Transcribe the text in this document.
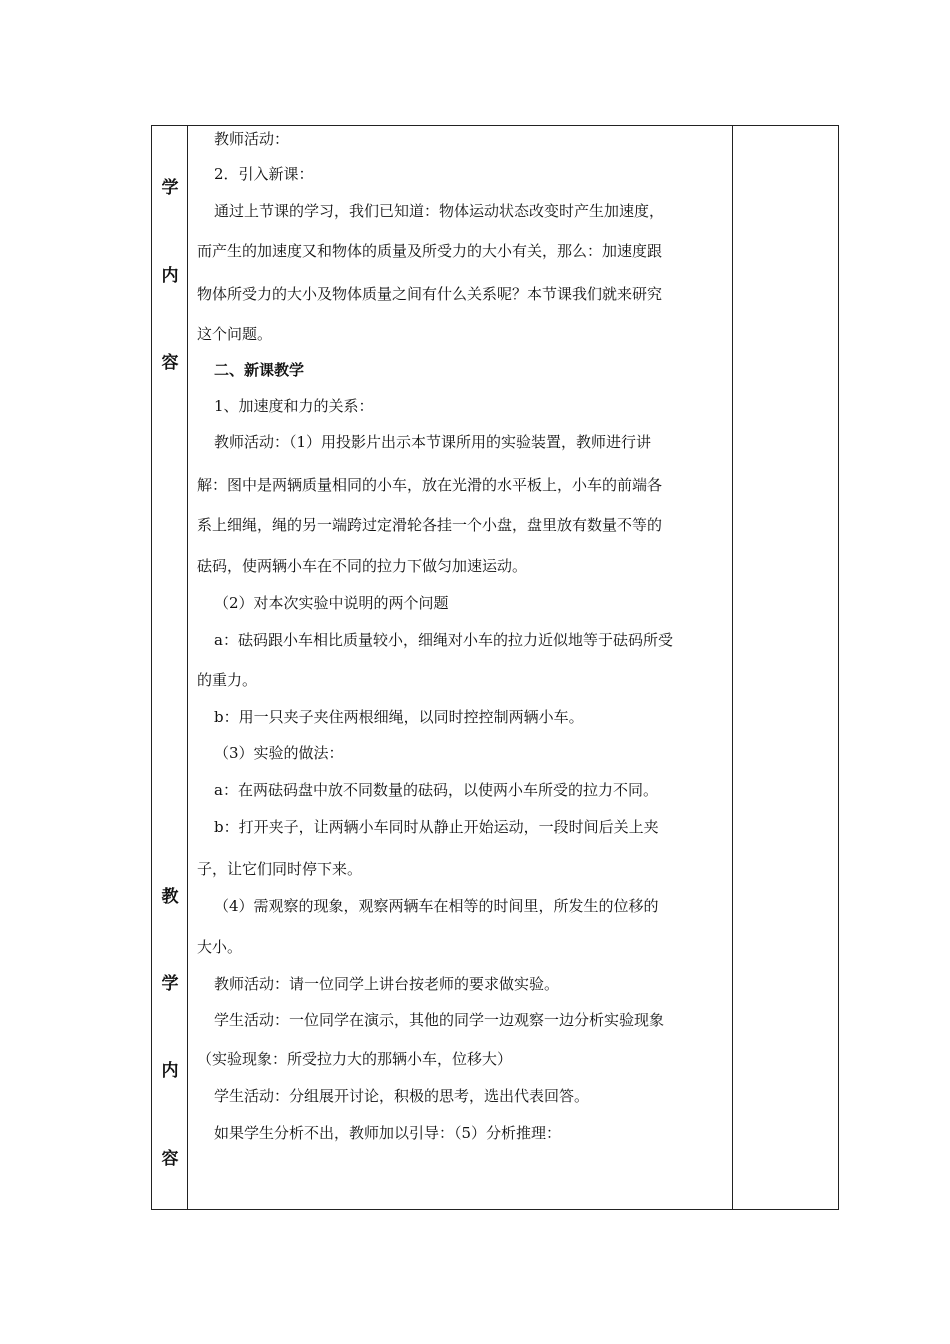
学
内
容
教
学
内
容
教师活动：
2．引入新课：
通过上节课的学习，我们已知道：物体运动状态改变时产生加速度，
而产生的加速度又和物体的质量及所受力的大小有关，那么：加速度跟
物体所受力的大小及物体质量之间有什么关系呢？本节课我们就来研究
这个问题。
二、新课教学
1、加速度和力的关系：
教师活动：（1）用投影片出示本节课所用的实验装置，教师进行讲
解：图中是两辆质量相同的小车，放在光滑的水平板上，小车的前端各
系上细绳，绳的另一端跨过定滑轮各挂一个小盘，盘里放有数量不等的
砝码，使两辆小车在不同的拉力下做匀加速运动。
（2）对本次实验中说明的两个问题
a：砝码跟小车相比质量较小，细绳对小车的拉力近似地等于砝码所受
的重力。
b：用一只夹子夹住两根细绳，以同时控控制两辆小车。
（3）实验的做法：
a：在两砝码盘中放不同数量的砝码，以使两小车所受的拉力不同。
b：打开夹子，让两辆小车同时从静止开始运动，一段时间后关上夹
子，让它们同时停下来。
（4）需观察的现象，观察两辆车在相等的时间里，所发生的位移的
大小。
教师活动：请一位同学上讲台按老师的要求做实验。
学生活动：一位同学在演示，其他的同学一边观察一边分析实验现象
（实验现象：所受拉力大的那辆小车，位移大）
学生活动：分组展开讨论，积极的思考，选出代表回答。
如果学生分析不出，教师加以引导：（5）分析推理：
